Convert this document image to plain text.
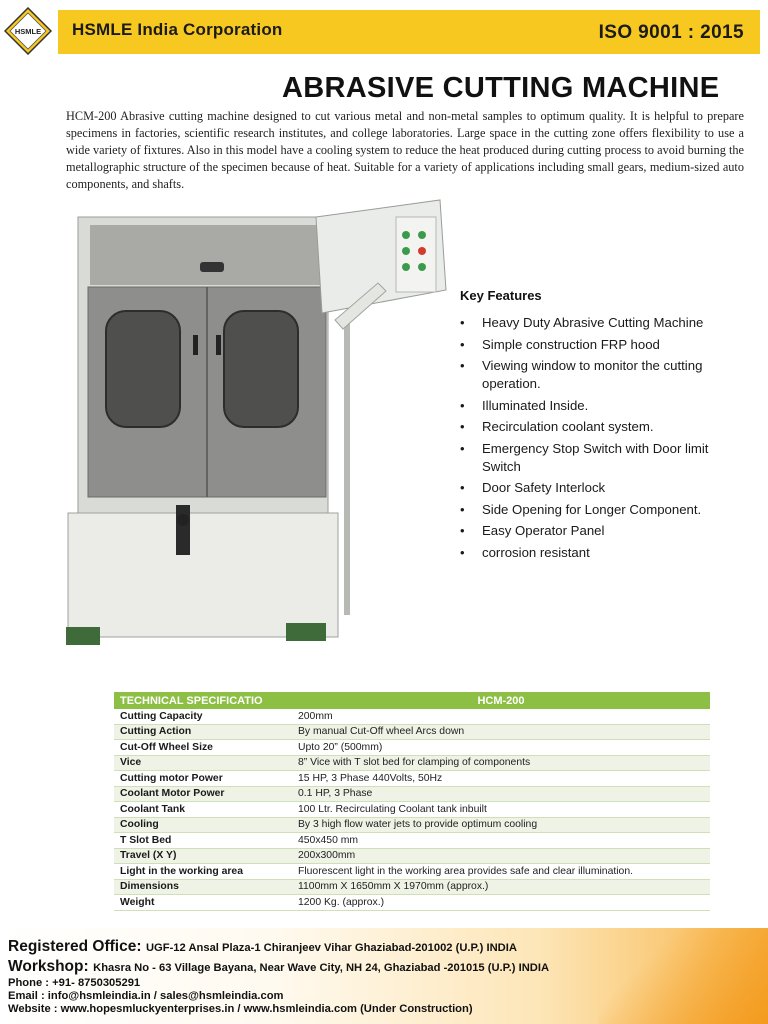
HSMLE HSMLE India Corporation	ISO 9001 : 2015
ABRASIVE CUTTING MACHINE
HCM-200 Abrasive cutting machine designed to cut various metal and non-metal samples to optimum quality. It is helpful to prepare specimens in factories, scientific research institutes, and college laboratories. Large space in the cutting zone offers flexibility to use a wide variety of fixtures. Also in this model have a cooling system to reduce the heat produced during cutting process to avoid burning the metallographic structure of the specimen because of heat. Suitable for a variety of applications including small gears, medium-sized auto components, and shafts.
Key Features
• Heavy Duty Abrasive Cutting Machine
• Simple construction FRP hood
• Viewing window to monitor the cutting operation.
• Illuminated Inside.
• Recirculation coolant system.
• Emergency Stop Switch with Door limit Switch
• Door Safety Interlock
• Side Opening for Longer Component.
• Easy Operator Panel
• corrosion resistant
TECHNICAL SPECIFICATIO	HCM-200
Cutting Capacity	200mm
Cutting Action	By manual Cut-Off wheel Arcs down
Cut-Off Wheel Size	Upto 20” (500mm)
Vice	8” Vice with T slot bed for clamping of components
Cutting motor Power	15 HP, 3 Phase 440Volts, 50Hz
Coolant Motor Power	0.1 HP, 3 Phase
Coolant Tank	100 Ltr. Recirculating Coolant tank inbuilt
Cooling	By 3 high flow water jets to provide optimum cooling
T Slot Bed	450x450 mm
Travel (X Y)	200x300mm
Light in the working area	Fluorescent light in the working area provides safe and clear illumination.
Dimensions	1100mm X 1650mm X 1970mm (approx.)
Weight	1200 Kg. (approx.)
Registered Office: UGF-12 Ansal Plaza-1 Chiranjeev Vihar Ghaziabad-201002 (U.P.) INDIA
Workshop: Khasra No - 63 Village Bayana, Near Wave City, NH 24, Ghaziabad -201015 (U.P.) INDIA
Phone : +91- 8750305291
Email : info@hsmleindia.in / sales@hsmleindia.com
Website : www.hopesmluckyenterprises.in / www.hsmleindia.com (Under Construction)
